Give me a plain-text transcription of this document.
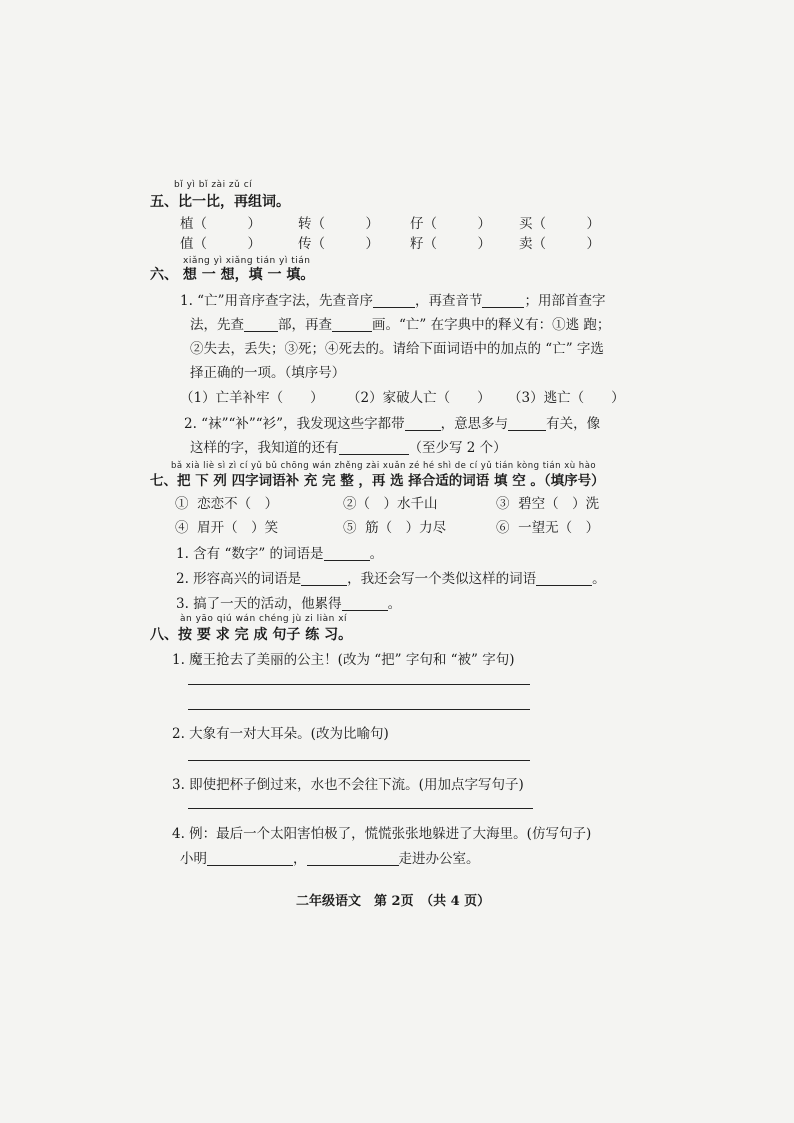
bǐ yì bǐ zài zǔ cí
五、比一比，再组词。
植（　　　）	转（　　　） 仔（　　　） 买（　　　）
值（　　　）	传（　　　） 籽（　　　） 卖（　　　）
xiǎng yì xiǎng tián yì tián
六、 想 一 想，填 一 填。
1. “亡”用音序查字法，先查音序	，再查音节	；用部首查字
法，先查	部，再查	画。“亡” 在字典中的释义有：①逃 跑；
②失去，丢失；③死；④死去的。请给下面词语中的加点的 “亡” 字选
择正确的一项。（填序号）
（1）亡羊补牢（　　） （2）家破人亡（　　） （3）逃亡（　　）
2. “袜”“补”“衫”，我发现这些字都带	，意思多与	有关，像
这样的字，我知道的还有	（至少写 2 个）
bǎ xià liè sì zì cí yǔ bǔ chōng wán zhěng zài xuǎn zé hé shì de cí yǔ tián kòng tián xù hào
七、把 下 列 四字词语补 充 完 整 ，再 选 择合适的词语 填 空 。（填序号）
①  恋恋不（　）	②（　）水千山	③  碧空（　）洗
④  眉开（　）笑	⑤  筋（　）力尽	⑥  一望无（　）
1. 含有 “数字” 的词语是	。
2. 形容高兴的词语是	，我还会写一个类似这样的词语	。
3. 搞了一天的活动，他累得	。
àn yāo qiú wán chéng jù zi liàn xí
八、按 要 求 完 成 句子 练 习。
1. 魔王抢去了美丽的公主！(改为 “把” 字句和 “被” 字句)
2. 大象有一对大耳朵。(改为比喻句)
3. 即使把杯子倒过来，水也不会往下流。(用加点字写句子)
4. 例：最后一个太阳害怕极了，慌慌张张地躲进了大海里。(仿写句子)
小明	，	走进办公室。
二年级语文　第 2页　（共 4 页）
